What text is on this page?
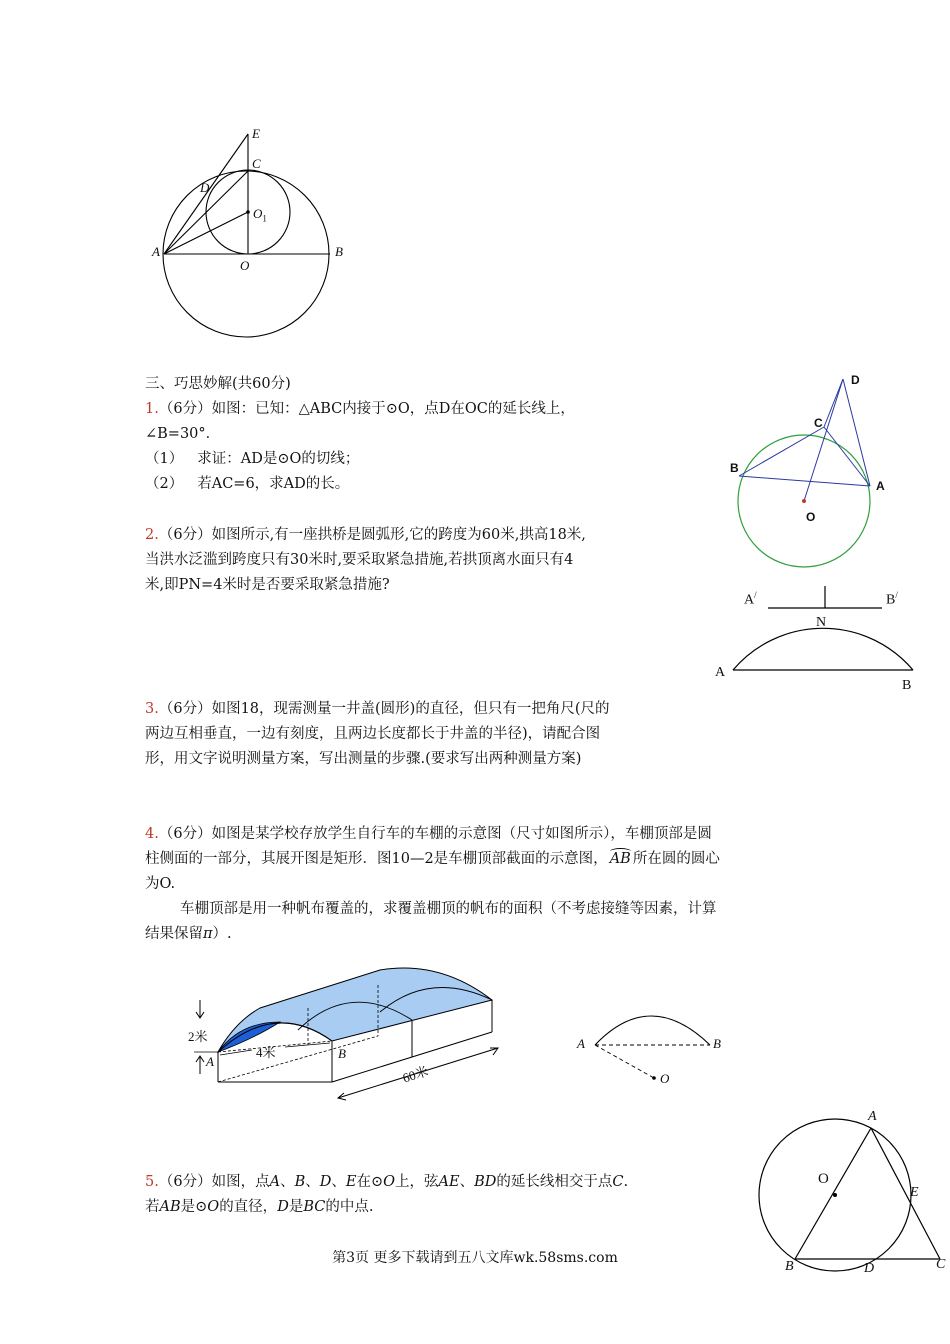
E
C
D
$O_1$
A
O
B
三、巧思妙解(共60分)
1.（6分）如图：已知：△ABC内接于⊙O，点D在OC的延长线上，
∠B=30°．
（1） 求证：AD是⊙O的切线；
（2） 若AC=6，求AD的长。
D
C
B
A
O
2.（6分）如图所示,有一座拱桥是圆弧形,它的跨度为60米,拱高18米,
当洪水泛滥到跨度只有30米时,要采取紧急措施,若拱顶离水面只有4
米,即PN=4米时是否要采取紧急措施?
A/	B/
N
A
B
3.（6分）如图18，现需测量一井盖(圆形)的直径，但只有一把角尺(尺的
两边互相垂直，一边有刻度，且两边长度都长于井盖的半径)，请配合图
形，用文字说明测量方案，写出测量的步骤.(要求写出两种测量方案)
4.（6分）如图是某学校存放学生自行车的车棚的示意图（尺寸如图所示），车棚顶部是圆
柱侧面的一部分，其展开图是矩形．图10—2是车棚顶部截面的示意图， AB 所在圆的圆心
为O.
车棚顶部是用一种帆布覆盖的，求覆盖棚顶的帆布的面积（不考虑接缝等因素，计算
结果保留π）.
2米
4米
60米
A
B
A	B
O
5.（6分）如图，点A、B、D、E在⊙O上，弦AE、BD的延长线相交于点C.
若AB是⊙O的直径，D是BC的中点.
A
O
E
B	D	C
第3页 更多下载请到五八文库wk.58sms.com
